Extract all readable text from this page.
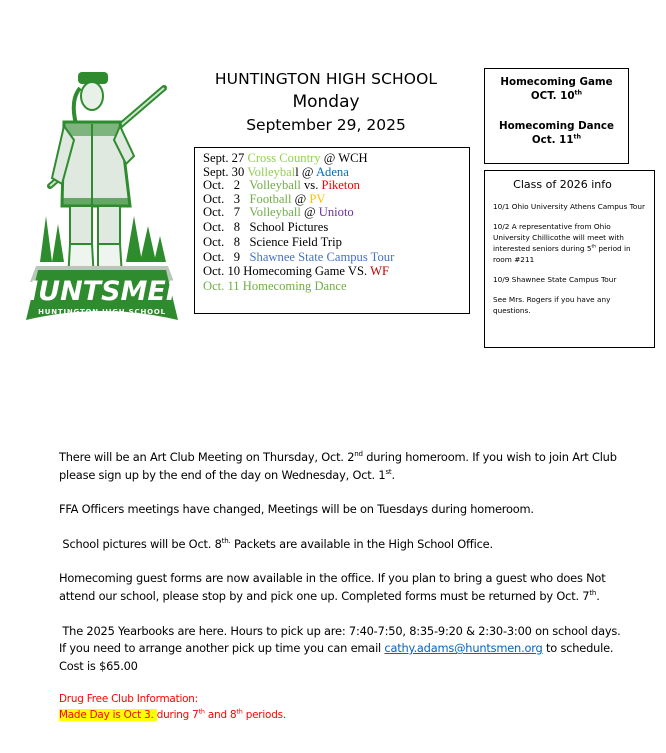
HUNTSMEN
HUNTINGTON HIGH SCHOOL
HUNTINGTON HIGH SCHOOL
Monday
September 29, 2025
Sept. 27 Cross Country @ WCH
Sept. 30 Volleyball @ Adena
Oct.   2   Volleyball vs. Piketon
Oct.   3   Football @ PV
Oct.   7   Volleyball @ Unioto
Oct.   8   School Pictures
Oct.   8   Science Field Trip
Oct.   9   Shawnee State Campus Tour
Oct. 10 Homecoming Game VS. WF
Oct. 11 Homecoming Dance
Homecoming Game
OCT. 10th
Homecoming Dance
Oct. 11th
Class of 2026 info

10/1 Ohio University Athens Campus Tour

10/2 A representative from Ohio University Chillicothe will meet with interested seniors during 5th period in room #211

10/9 Shawnee State Campus Tour

See Mrs. Rogers if you have any questions.

There will be an Art Club Meeting on Thursday, Oct. 2nd during homeroom. If you wish to join Art Club please sign up by the end of the day on Wednesday, Oct. 1st.

FFA Officers meetings have changed, Meetings will be on Tuesdays during homeroom.

School pictures will be Oct. $8^{th.}$ Packets are available in the High School Office.

Homecoming guest forms are now available in the office. If you plan to bring a guest who does Not attend our school, please stop by and pick one up. Completed forms must be returned by Oct. 7th.

The 2025 Yearbooks are here. Hours to pick up are: 7:40-7:50, 8:35-9:20 & 2:30-3:00 on school days.  If you need to arrange another pick up time you can email cathy.adams@huntsmen.org to schedule. Cost is $65.00

Drug Free Club Information:
Made Day is Oct 3. during 7th and 8th periods.
